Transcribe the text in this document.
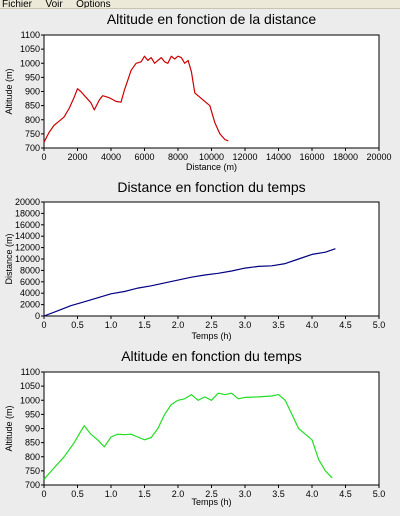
$^{Fichier}$ $^{Voir}$ $^{Options}$
Altitude en fonction de la distance
700
750
800
850
900
950
1000
1050
1100
0 2000 4000 6000 8000 10000 12000 14000 16000 18000 20000
Distance (m)
Altitude (m)
Distance en fonction du temps
0
2000
4000
6000
8000
10000
12000
14000
16000
18000
20000
0	0.5 1.0 1.5 2.0 2.5 3.0 3.5 4.0 4.5 5.0
Temps (h)
Distance (m)
Altitude en fonction du temps
700
750
800
850
900
950
1000
1050
1100
0	0.5 1.0 1.5 2.0 2.5 3.0 3.5 4.0 4.5 5.0
Temps (h)
Altitude (m)
